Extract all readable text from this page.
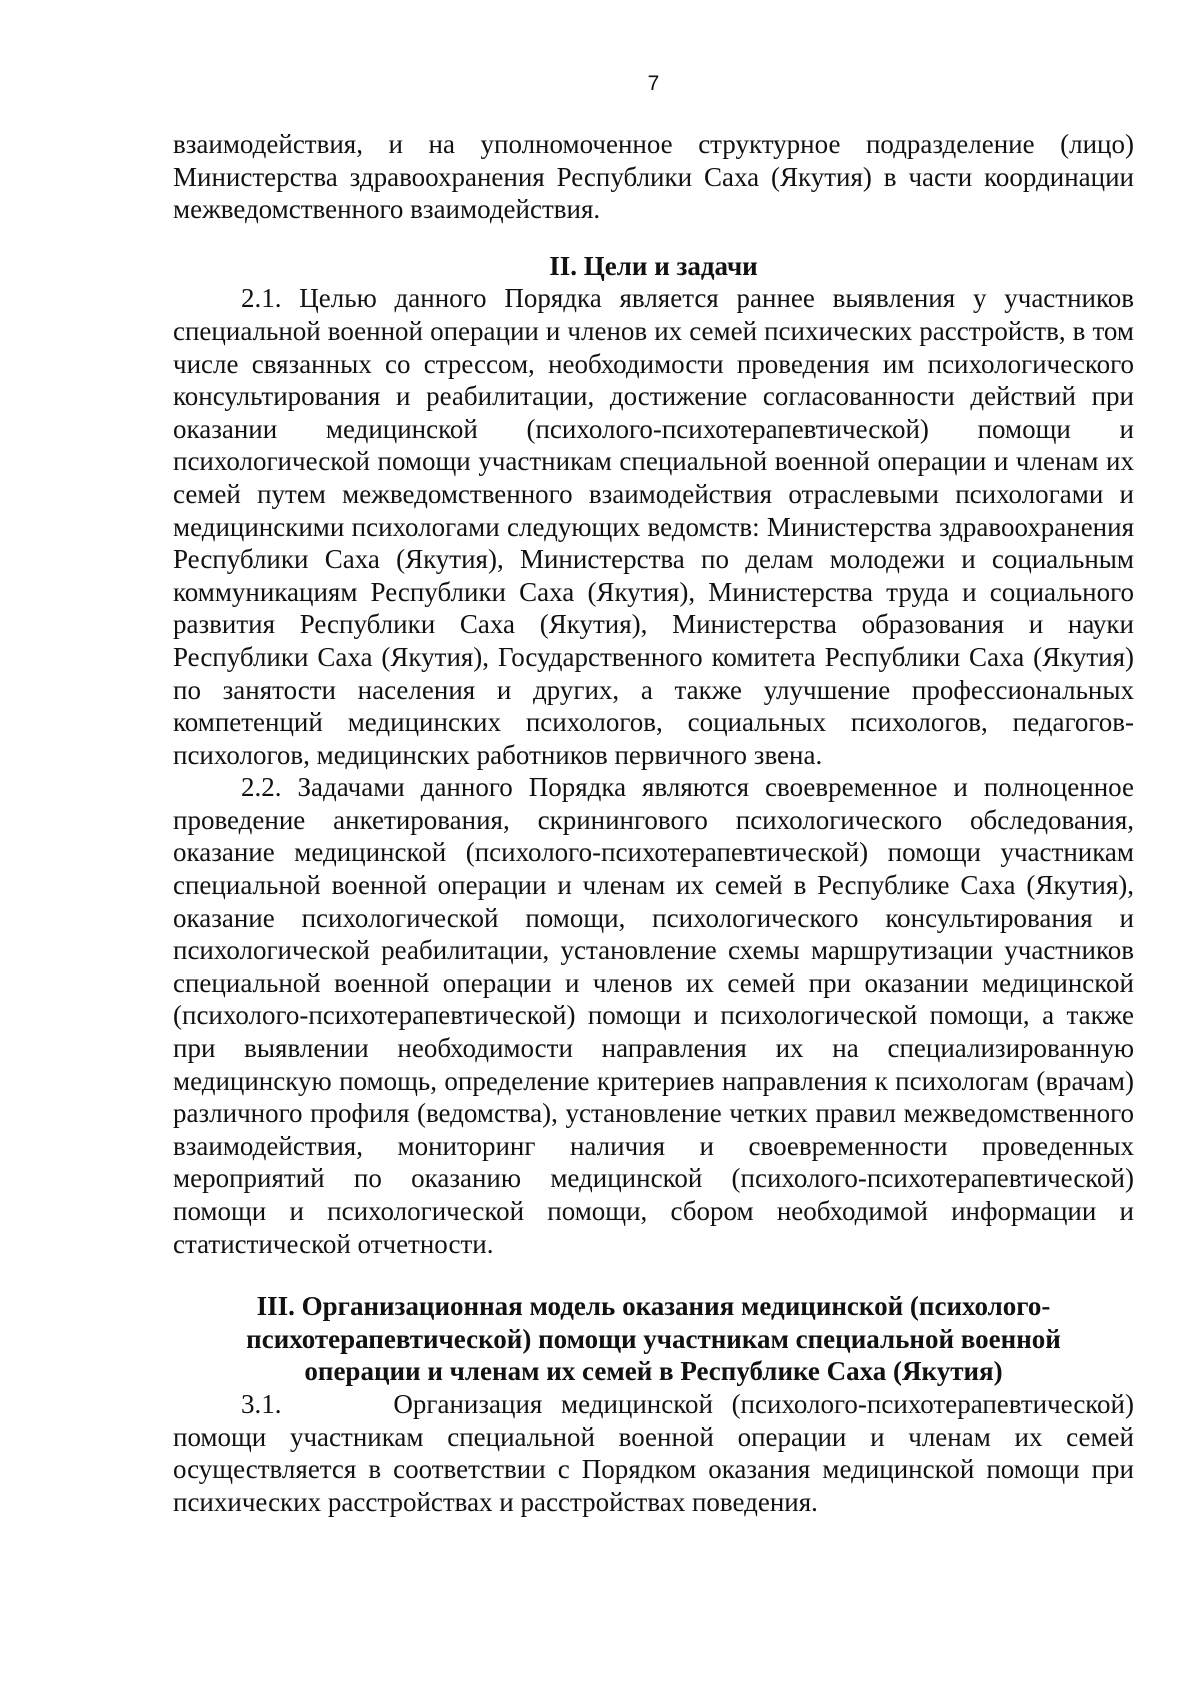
7

взаимодействия, и на уполномоченное структурное подразделение (лицо) Министерства здравоохранения Республики Саха (Якутия) в части координации межведомственного взаимодействия.

II. Цели и задачи

2.1. Целью данного Порядка является раннее выявления у участников специальной военной операции и членов их семей психических расстройств, в том числе связанных со стрессом, необходимости проведения им психологического консультирования и реабилитации, достижение согласованности действий при оказании медицинской (психолого-психотерапевтической) помощи и психологической помощи участникам специальной военной операции и членам их семей путем межведомственного взаимодействия отраслевыми психологами и медицинскими психологами следующих ведомств: Министерства здравоохранения Республики Саха (Якутия), Министерства по делам молодежи и социальным коммуникациям Республики Саха (Якутия), Министерства труда и социального развития Республики Саха (Якутия), Министерства образования и науки Республики Саха (Якутия), Государственного комитета Республики Саха (Якутия) по занятости населения и других, а также улучшение профессиональных компетенций медицинских психологов, социальных психологов, педагогов-психологов, медицинских работников первичного звена.

2.2. Задачами данного Порядка являются своевременное и полноценное проведение анкетирования, скринингового психологического обследования, оказание медицинской (психолого-психотерапевтической) помощи участникам специальной военной операции и членам их семей в Республике Саха (Якутия), оказание психологической помощи, психологического консультирования и психологической реабилитации, установление схемы маршрутизации участников специальной военной операции и членов их семей при оказании медицинской (психолого-психотерапевтической) помощи и психологической помощи, а также при выявлении необходимости направления их на специализированную медицинскую помощь, определение критериев направления к психологам (врачам) различного профиля (ведомства), установление четких правил межведомственного взаимодействия, мониторинг наличия и своевременности проведенных мероприятий по оказанию медицинской (психолого-психотерапевтической) помощи и психологической помощи, сбором необходимой информации и статистической отчетности.

III. Организационная модель оказания медицинской (психолого-
психотерапевтической) помощи участникам специальной военной
операции и членам их семей в Республике Саха (Якутия)

3.1.      Организация медицинской (психолого-психотерапевтической) помощи участникам специальной военной операции и членам их семей осуществляется в соответствии с Порядком оказания медицинской помощи при психических расстройствах и расстройствах поведения.
